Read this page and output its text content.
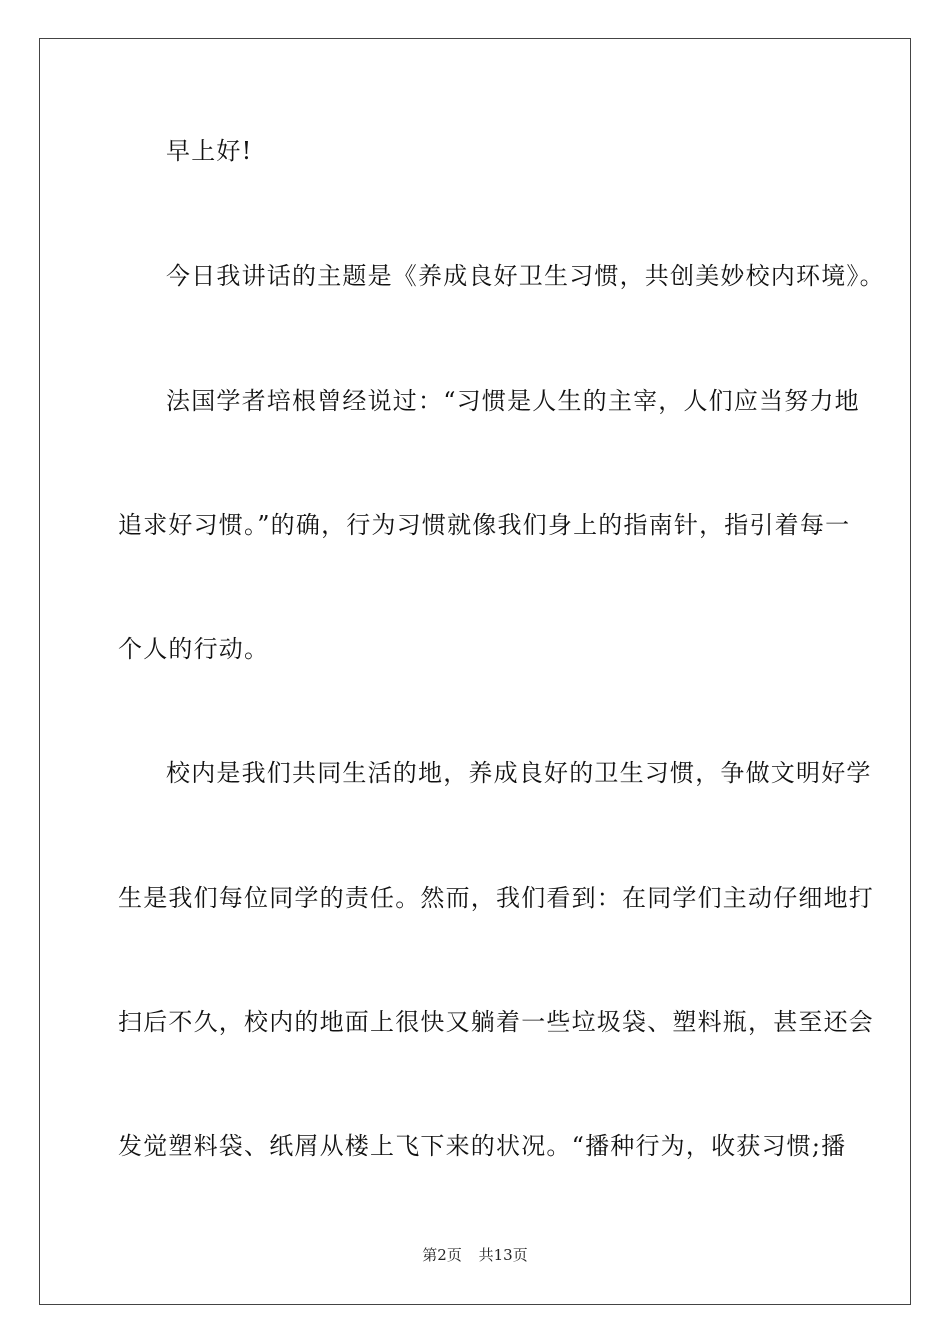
早上好!
今日我讲话的主题是《养成良好卫生习惯，共创美妙校内环境》。
法国学者培根曾经说过：“习惯是人生的主宰，人们应当努力地
追求好习惯。”的确，行为习惯就像我们身上的指南针，指引着每一
个人的行动。
校内是我们共同生活的地，养成良好的卫生习惯，争做文明好学
生是我们每位同学的责任。然而，我们看到：在同学们主动仔细地打
扫后不久，校内的地面上很快又躺着一些垃圾袋、塑料瓶，甚至还会
发觉塑料袋、纸屑从楼上飞下来的状况。“播种行为，收获习惯;播
第2页 共13页
